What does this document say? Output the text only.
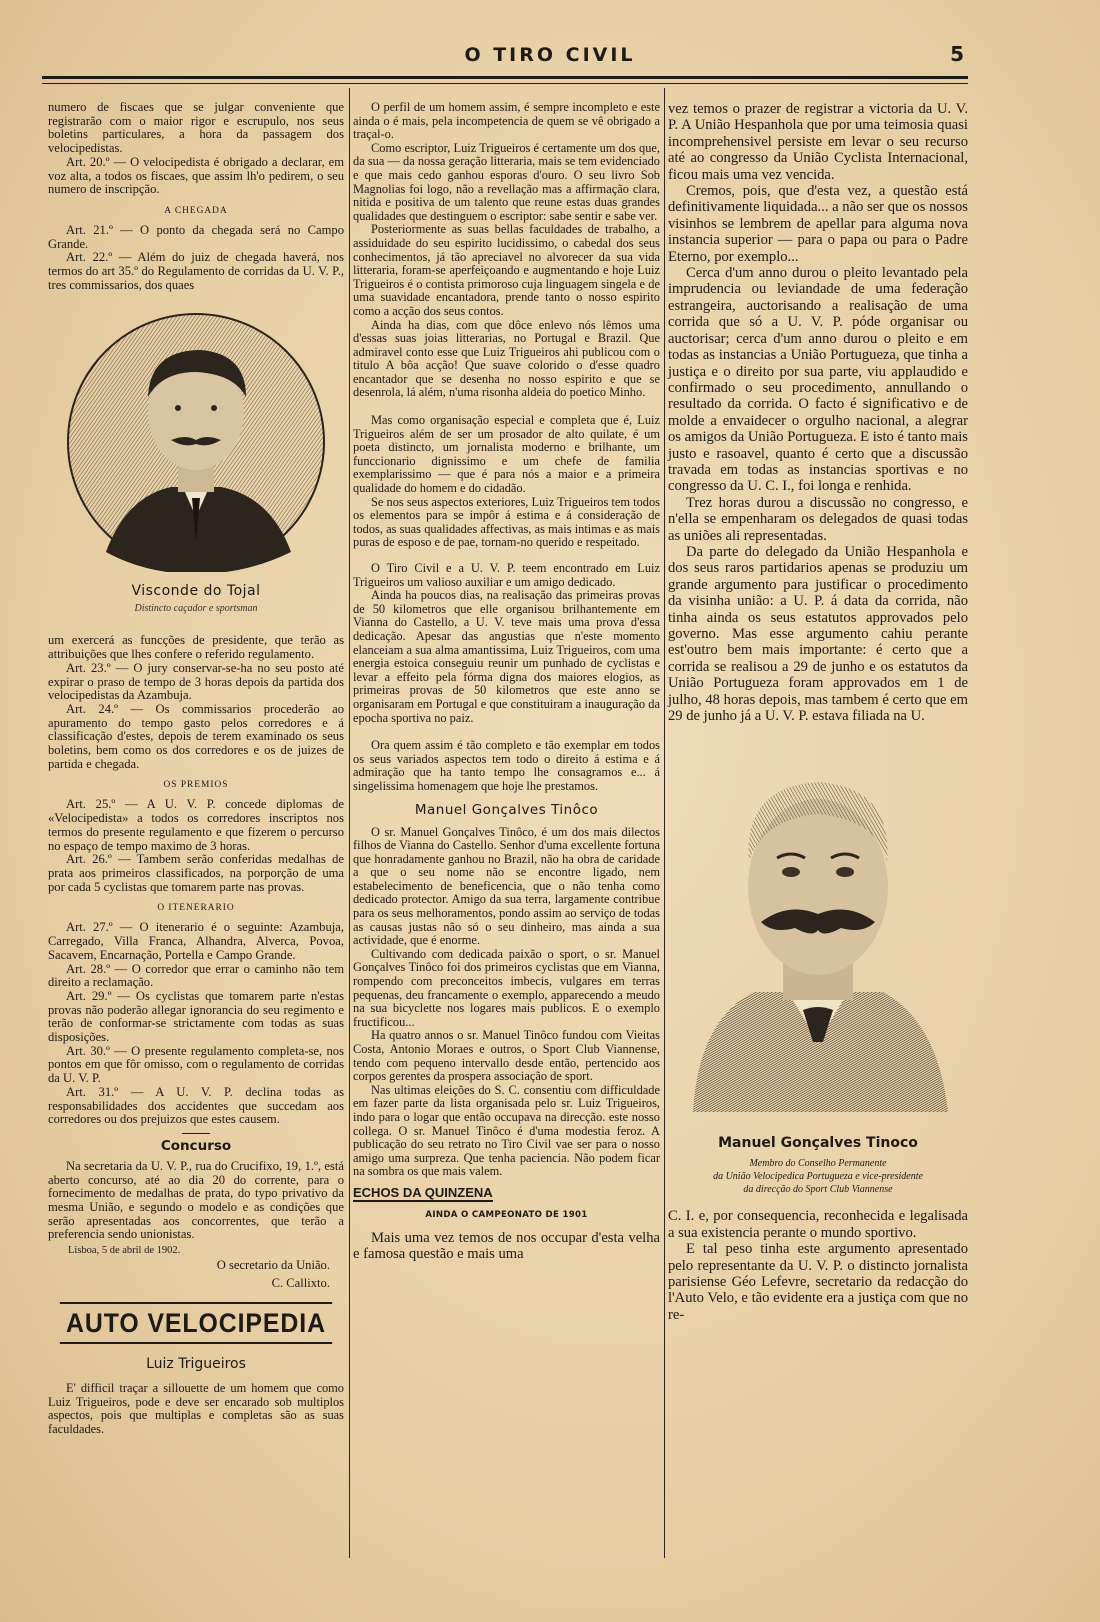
O TIRO CIVIL	5

numero de fiscaes que se julgar conveniente que registrarão com o maior rigor e escrupulo, nos seus boletins particulares, a hora da passagem dos velocipedistas.

Art. 20.º — O velocipedista é obrigado a declarar, em voz alta, a todos os fiscaes, que assim lh'o pedirem, o seu numero de inscripção.

A CHEGADA

Art. 21.º — O ponto da chegada será no Campo Grande.

Art. 22.º — Além do juiz de chegada haverá, nos termos do art 35.º do Regulamento de corridas da U. V. P., tres commissarios, dos quaes

Visconde do Tojal
Distincto caçador e sportsman

um exercerá as funcções de presidente, que terão as attribuições que lhes confere o referido regulamento.

Art. 23.º — O jury conservar-se-ha no seu posto até expirar o praso de tempo de 3 horas depois da partida dos velocipedistas da Azambuja.

Art. 24.º — Os commissarios procederão ao apuramento do tempo gasto pelos corredores e á classificação d'estes, depois de terem examinado os seus boletins, bem como os dos corredores e os de juizes de partida e chegada.

OS PREMIOS

Art. 25.º — A U. V. P. concede diplomas de «Velocipedista» a todos os corredores inscriptos nos termos do presente regulamento e que fizerem o percurso no espaço de tempo maximo de 3 horas.

Art. 26.º — Tambem serão conferidas medalhas de prata aos primeiros classificados, na porporção de uma por cada 5 cyclistas que tomarem parte nas provas.

O ITENERARIO

Art. 27.º — O itenerario é o seguinte: Azambuja, Carregado, Villa Franca, Alhandra, Alverca, Povoa, Sacavem, Encarnação, Portella e Campo Grande.

Art. 28.º — O corredor que errar o caminho não tem direito a reclamação.

Art. 29.º — Os cyclistas que tomarem parte n'estas provas não poderão allegar ignorancia do seu regimento e terão de conformar-se strictamente com todas as suas disposições.

Art. 30.º — O presente regulamento completa-se, nos pontos em que fôr omisso, com o regulamento de corridas da U. V. P.

Art. 31.º — A U. V. P. declina todas as responsabilidades dos accidentes que succedam aos corredores ou dos prejuizos que estes causem.

Concurso

Na secretaria da U. V. P., rua do Crucifixo, 19, 1.º, está aberto concurso, até ao dia 20 do corrente, para o fornecimento de medalhas de prata, do typo privativo da mesma União, e segundo o modelo e as condições que serão apresentadas aos concorrentes, que terão a preferencia sendo unionistas.

Lisboa, 5 de abril de 1902.
O secretario da União.
C. Callixto.
AUTO VELOCIPEDIA
Luiz Trigueiros

E' difficil traçar a sillouette de um homem que como Luiz Trigueiros, pode e deve ser encarado sob multiplos aspectos, pois que multiplas e completas são as suas faculdades.

O perfil de um homem assim, é sempre incompleto e este ainda o é mais, pela incompetencia de quem se vê obrigado a traçal-o.

Como escriptor, Luiz Trigueiros é certamente um dos que, da sua — da nossa geração litteraria, mais se tem evidenciado e que mais cedo ganhou esporas d'ouro. O seu livro Sob Magnolias foi logo, não a revellação mas a affirmação clara, nitida e positiva de um talento que reune estas duas grandes qualidades que destinguem o escriptor: sabe sentir e sabe ver.

Posteriormente as suas bellas faculdades de trabalho, a assiduidade do seu espirito lucidissimo, o cabedal dos seus conhecimentos, já tão apreciavel no alvorecer da sua vida litteraria, foram-se aperfeiçoando e augmentando e hoje Luiz Trigueiros é o contista primoroso cuja linguagem singela e de uma suavidade encantadora, prende tanto o nosso espirito como a acção dos seus contos.

Ainda ha dias, com que dôce enlevo nós lêmos uma d'essas suas joias litterarias, no Portugal e Brazil. Que admiravel conto esse que Luiz Trigueiros ahi publicou com o titulo A bôa acção! Que suave colorido o d'esse quadro encantador que se desenha no nosso espirito e que se desenrola, lá além, n'uma risonha aldeia do poetico Minho.

Mas como organisação especial e completa que é, Luiz Trigueiros além de ser um prosador de alto quilate, é um poeta distincto, um jornalista moderno e brilhante, um funccionario dignissimo e um chefe de familia exemplarissimo — que é para nós a maior e a primeira qualidade do homem e do cidadão.

Se nos seus aspectos exteriores, Luiz Trigueiros tem todos os elementos para se impôr á estima e á consideração de todos, as suas qualidades affectivas, as mais intimas e as mais puras de esposo e de pae, tornam-no querido e respeitado.

O Tiro Civil e a U. V. P. teem encontrado em Luiz Trigueiros um valioso auxiliar e um amigo dedicado.

Ainda ha poucos dias, na realisação das primeiras provas de 50 kilometros que elle organisou brilhantemente em Vianna do Castello, a U. V. teve mais uma prova d'essa dedicação. Apesar das angustias que n'este momento elanceiam a sua alma amantissima, Luiz Trigueiros, com uma energia estoica conseguiu reunir um punhado de cyclistas e levar a effeito pela fórma digna dos maiores elogios, as primeiras provas de 50 kilometros que este anno se organisaram em Portugal e que constituiram a inauguração da epocha sportiva no paiz.

Ora quem assim é tão completo e tão exemplar em todos os seus variados aspectos tem todo o direito á estima e á admiração que ha tanto tempo lhe consagramos e... á singelissima homenagem que hoje lhe prestamos.

Manuel Gonçalves Tinôco

O sr. Manuel Gonçalves Tinôco, é um dos mais dilectos filhos de Vianna do Castello. Senhor d'uma excellente fortuna que honradamente ganhou no Brazil, não ha obra de caridade a que o seu nome não se encontre ligado, nem estabelecimento de beneficencia, que o não tenha como dedicado protector. Amigo da sua terra, largamente contribue para os seus melhoramentos, pondo assim ao serviço de todas as causas justas não só o seu dinheiro, mas ainda a sua actividade, que é enorme.

Cultivando com dedicada paixão o sport, o sr. Manuel Gonçalves Tinôco foi dos primeiros cyclistas que em Vianna, rompendo com preconceitos imbecis, vulgares em terras pequenas, deu francamente o exemplo, apparecendo a meudo na sua bicyclette nos logares mais publicos. E o exemplo fructificou...

Ha quatro annos o sr. Manuel Tinôco fundou com Vieitas Costa, Antonio Moraes e outros, o Sport Club Viannense, tendo com pequeno intervallo desde então, pertencido aos corpos gerentes da prospera associação de sport.

Nas ultimas eleições do S. C. consentiu com difficuldade em fazer parte da lista organisada pelo sr. Luiz Trigueiros, indo para o logar que então occupava na direcção. este nosso collega. O sr. Manuel Tinôco é d'uma modestia feroz. A publicação do seu retrato no Tiro Civil vae ser para o nosso amigo uma surpreza. Que tenha paciencia. Não podem ficar na sombra os que mais valem.

ECHOS DA QUINZENA
AINDA O CAMPEONATO DE 1901

Mais uma vez temos de nos occupar d'esta velha e famosa questão e mais uma

vez temos o prazer de registrar a victoria da U. V. P. A União Hespanhola que por uma teimosia quasi incomprehensivel persiste em levar o seu recurso até ao congresso da União Cyclista Internacional, ficou mais uma vez vencida.

Cremos, pois, que d'esta vez, a questão está definitivamente liquidada... a não ser que os nossos visinhos se lembrem de apellar para alguma nova instancia superior — para o papa ou para o Padre Eterno, por exemplo...

Cerca d'um anno durou o pleito levantado pela imprudencia ou leviandade de uma federação estrangeira, auctorisando a realisação de uma corrida que só a U. V. P. póde organisar ou auctorisar; cerca d'um anno durou o pleito e em todas as instancias a União Portugueza, que tinha a justiça e o direito por sua parte, viu applaudido e confirmado o seu procedimento, annullando o resultado da corrida. O facto é significativo e de molde a envaidecer o orgulho nacional, a alegrar os amigos da União Portugueza. E isto é tanto mais justo e rasoavel, quanto é certo que a discussão travada em todas as instancias sportivas e no congresso da U. C. I., foi longa e renhida.

Trez horas durou a discussão no congresso, e n'ella se empenharam os delegados de quasi todas as uniões ali representadas.

Da parte do delegado da União Hespanhola e dos seus raros partidarios apenas se produziu um grande argumento para justificar o procedimento da visinha união: a U. P. á data da corrida, não tinha ainda os seus estatutos approvados pelo governo. Mas esse argumento cahiu perante est'outro bem mais importante: é certo que a corrida se realisou a 29 de junho e os estatutos da União Portugueza foram approvados em 1 de julho, 48 horas depois, mas tambem é certo que em 29 de junho já a U. V. P. estava filiada na U.

Manuel Gonçalves Tinoco
Membro do Conselho Permanente
da União Velocipedica Portugueza e vice-presidente
da direcção do Sport Club Viannense

C. I. e, por consequencia, reconhecida e legalisada a sua existencia perante o mundo sportivo.

E tal peso tinha este argumento apresentado pelo representante da U. V. P. o distincto jornalista parisiense Géo Lefevre, secretario da redacção do l'Auto Velo, e tão evidente era a justiça com que no re-
